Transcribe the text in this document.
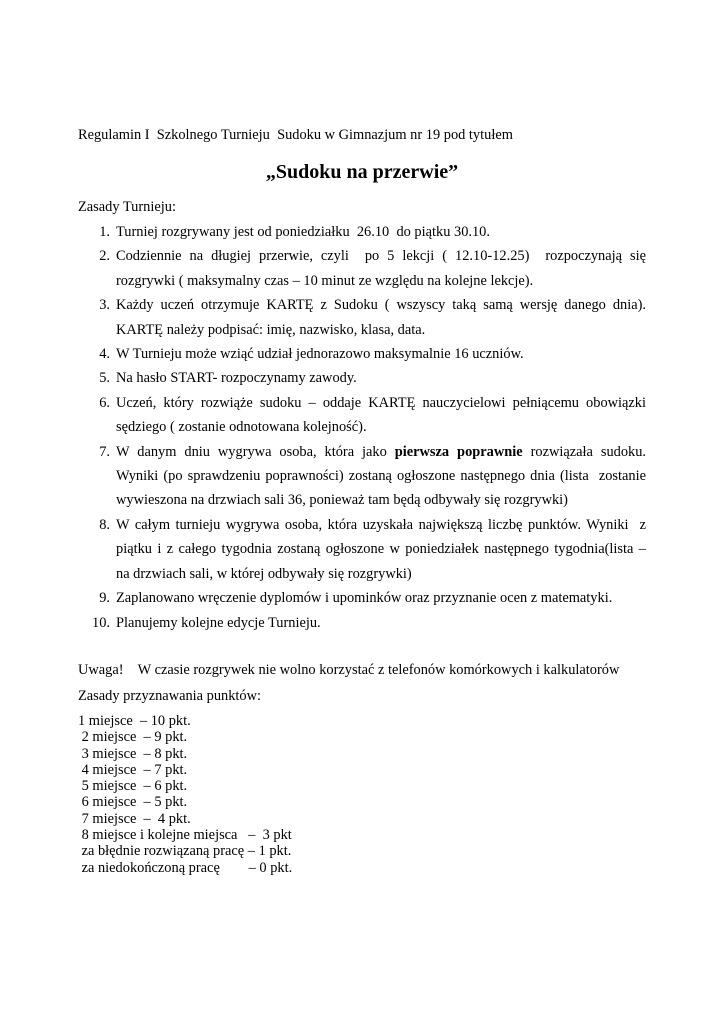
Regulamin I  Szkolnego Turnieju  Sudoku w Gimnazjum nr 19 pod tytułem
„Sudoku na przerwie”
Zasady Turnieju:
1. Turniej rozgrywany jest od poniedziałku  26.10  do piątku 30.10.
2. Codziennie na długiej przerwie, czyli  po 5 lekcji ( 12.10-12.25)  rozpoczynają się rozgrywki ( maksymalny czas – 10 minut ze względu na kolejne lekcje).
3. Każdy uczeń otrzymuje KARTĘ z Sudoku ( wszyscy taką samą wersję danego dnia). KARTĘ należy podpisać: imię, nazwisko, klasa, data.
4. W Turnieju może wziąć udział jednorazowo maksymalnie 16 uczniów.
5. Na hasło START- rozpoczynamy zawody.
6. Uczeń, który rozwiąże sudoku – oddaje KARTĘ nauczycielowi pełniącemu obowiązki sędziego ( zostanie odnotowana kolejność).
7. W danym dniu wygrywa osoba, która jako pierwsza poprawnie rozwiązała sudoku. Wyniki (po sprawdzeniu poprawności) zostaną ogłoszone następnego dnia (lista  zostanie wywieszona na drzwiach sali 36, ponieważ tam będą odbywały się rozgrywki)
8. W całym turnieju wygrywa osoba, która uzyskała największą liczbę punktów. Wyniki  z piątku i z całego tygodnia zostaną ogłoszone w poniedziałek następnego tygodnia(lista –  na drzwiach sali, w której odbywały się rozgrywki)
9. Zaplanowano wręczenie dyplomów i upominków oraz przyznanie ocen z matematyki.
10. Planujemy kolejne edycje Turnieju.
Uwaga!    W czasie rozgrywek nie wolno korzystać z telefonów komórkowych i kalkulatorów
Zasady przyznawania punktów:
1 miejsce  – 10 pkt.
2 miejsce  – 9 pkt.
3 miejsce  – 8 pkt.
4 miejsce  – 7 pkt.
5 miejsce  – 6 pkt.
6 miejsce  – 5 pkt.
7 miejsce  –  4 pkt.
8 miejsce i kolejne miejsca   –  3 pkt
za błędnie rozwiązaną pracę – 1 pkt.
za niedokończoną pracę        – 0 pkt.
